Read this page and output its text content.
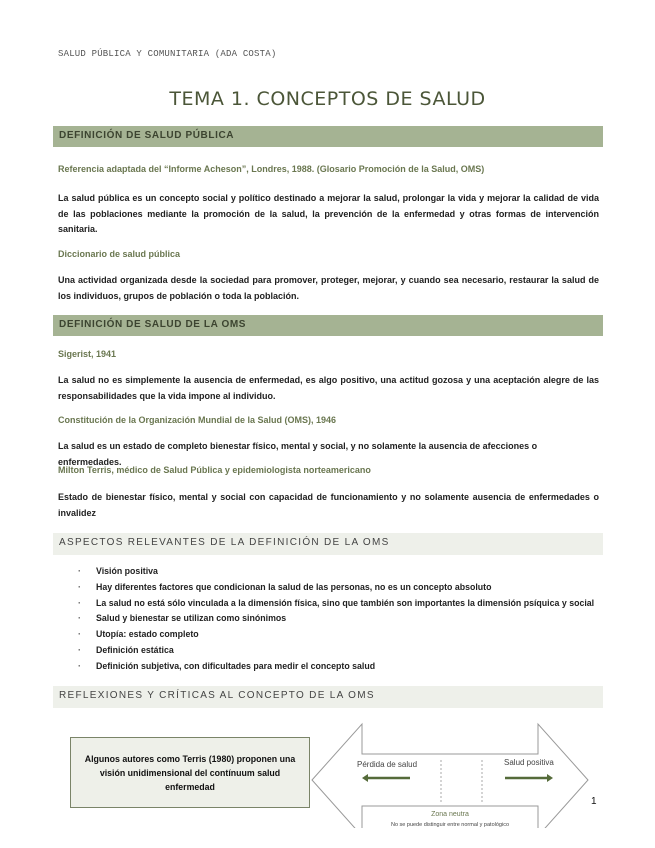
SALUD PÚBLICA Y COMUNITARIA (ADA COSTA)
TEMA 1. CONCEPTOS DE SALUD
DEFINICIÓN DE SALUD PÚBLICA
Referencia adaptada del “Informe Acheson”, Londres, 1988. (Glosario Promoción de la Salud, OMS)
La salud pública es un concepto social y político destinado a mejorar la salud, prolongar la vida y mejorar la calidad de vida de las poblaciones mediante la promoción de la salud, la prevención de la enfermedad y otras formas de intervención sanitaria.
Diccionario de salud pública
Una actividad organizada desde la sociedad para promover, proteger, mejorar, y cuando sea necesario, restaurar la salud de los individuos, grupos de población o toda la población.
DEFINICIÓN DE SALUD DE LA OMS
Sigerist, 1941
La salud no es simplemente la ausencia de enfermedad, es algo positivo, una actitud gozosa y una aceptación alegre de las responsabilidades que la vida impone al individuo.
Constitución de la Organización Mundial de la Salud (OMS), 1946
La salud es un estado de completo bienestar físico, mental y social, y no solamente la ausencia de afecciones o enfermedades.
Milton Terris, médico de Salud Pública y epidemiologista norteamericano
Estado de bienestar físico, mental y social con capacidad de funcionamiento y no solamente ausencia de enfermedades o invalidez
ASPECTOS RELEVANTES DE LA DEFINICIÓN DE LA OMS
· Visión positiva
· Hay diferentes factores que condicionan la salud de las personas, no es un concepto absoluto
· La salud no está sólo vinculada a la dimensión física, sino que también son importantes la dimensión psíquica y social
· Salud y bienestar se utilizan como sinónimos
· Utopía: estado completo
· Definición estática
· Definición subjetiva, con dificultades para medir el concepto salud
REFLEXIONES Y CRÍTICAS AL CONCEPTO DE LA OMS
Algunos autores como Terris (1980) proponen una visión unidimensional del contínuum salud enfermedad
Pérdida de salud	Salud positiva
Zona neutra
No se puede distinguir entre normal y patológico
1
